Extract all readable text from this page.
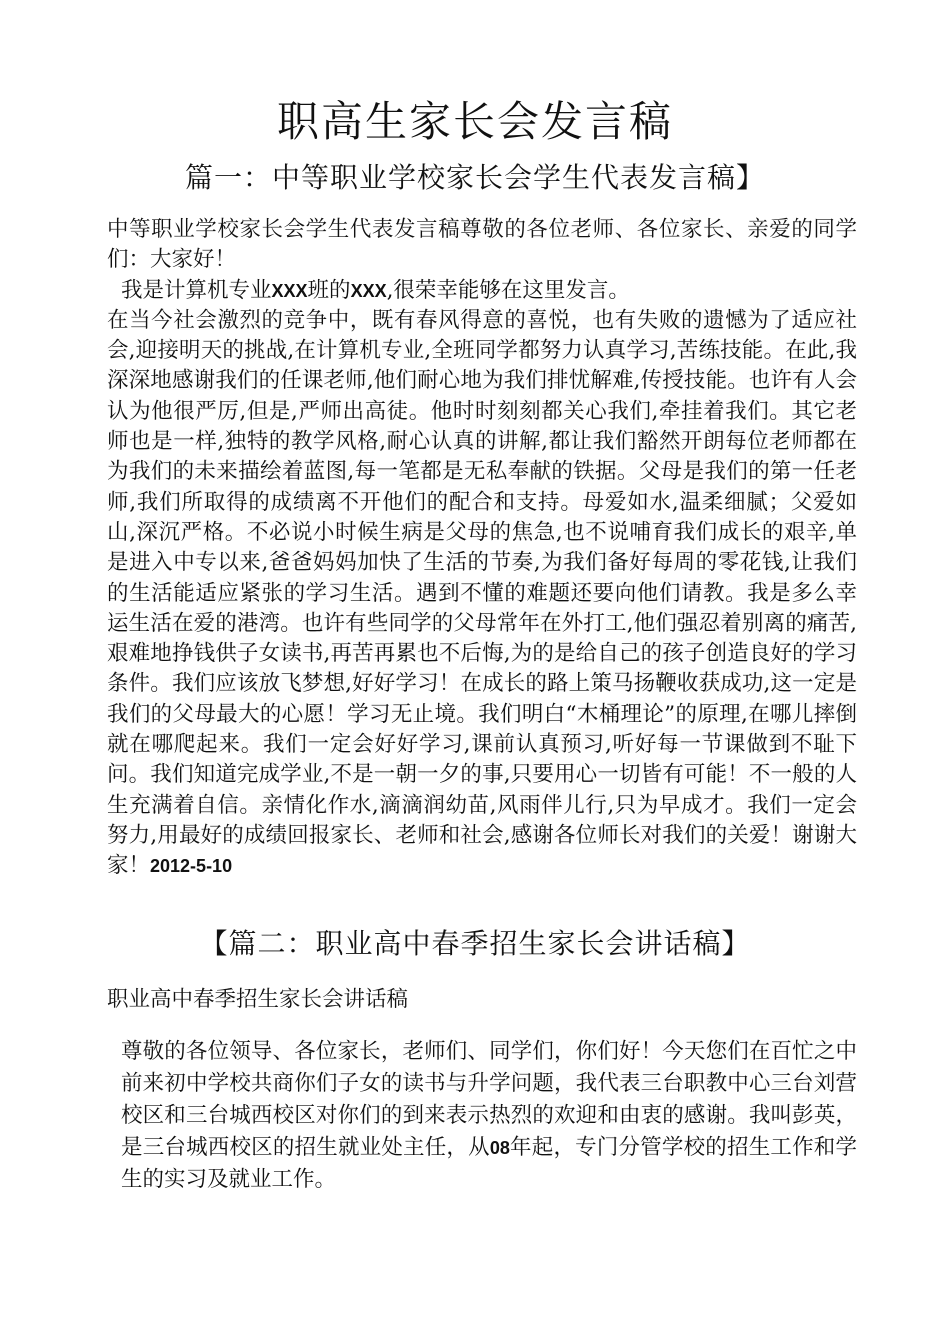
职高生家长会发言稿
篇一：中等职业学校家长会学生代表发言稿】

中等职业学校家长会学生代表发言稿尊敬的各位老师、各位家长、亲爱的同学们：大家好！

我是计算机专业XXX班的XXX,很荣幸能够在这里发言。

在当今社会激烈的竞争中，既有春风得意的喜悦，也有失败的遗憾为了适应社会,迎接明天的挑战,在计算机专业,全班同学都努力认真学习,苦练技能。在此,我深深地感谢我们的任课老师,他们耐心地为我们排忧解难,传授技能。也许有人会认为他很严厉,但是,严师出高徒。他时时刻刻都关心我们,牵挂着我们。其它老师也是一样,独特的教学风格,耐心认真的讲解,都让我们豁然开朗每位老师都在为我们的未来描绘着蓝图,每一笔都是无私奉献的铁据。父母是我们的第一任老师,我们所取得的成绩离不开他们的配合和支持。母爱如水,温柔细腻；父爱如山,深沉严格。不必说小时候生病是父母的焦急,也不说哺育我们成长的艰辛,单是进入中专以来,爸爸妈妈加快了生活的节奏,为我们备好每周的零花钱,让我们的生活能适应紧张的学习生活。遇到不懂的难题还要向他们请教。我是多么幸运生活在爱的港湾。也许有些同学的父母常年在外打工,他们强忍着别离的痛苦,艰难地挣钱供子女读书,再苦再累也不后悔,为的是给自己的孩子创造良好的学习条件。我们应该放飞梦想,好好学习！在成长的路上策马扬鞭收获成功,这一定是我们的父母最大的心愿！学习无止境。我们明白“木桶理论”的原理,在哪儿摔倒就在哪爬起来。我们一定会好好学习,课前认真预习,听好每一节课做到不耻下问。我们知道完成学业,不是一朝一夕的事,只要用心一切皆有可能！不一般的人生充满着自信。亲情化作水,滴滴润幼苗,风雨伴儿行,只为早成才。我们一定会努力,用最好的成绩回报家长、老师和社会,感谢各位师长对我们的关爱！谢谢大家！2012-5-10

【篇二：职业高中春季招生家长会讲话稿】

职业高中春季招生家长会讲话稿

尊敬的各位领导、各位家长，老师们、同学们，你们好！今天您们在百忙之中前来初中学校共商你们子女的读书与升学问题，我代表三台职教中心三台刘营校区和三台城西校区对你们的到来表示热烈的欢迎和由衷的感谢。我叫彭英，是三台城西校区的招生就业处主任，从08年起，专门分管学校的招生工作和学生的实习及就业工作。
